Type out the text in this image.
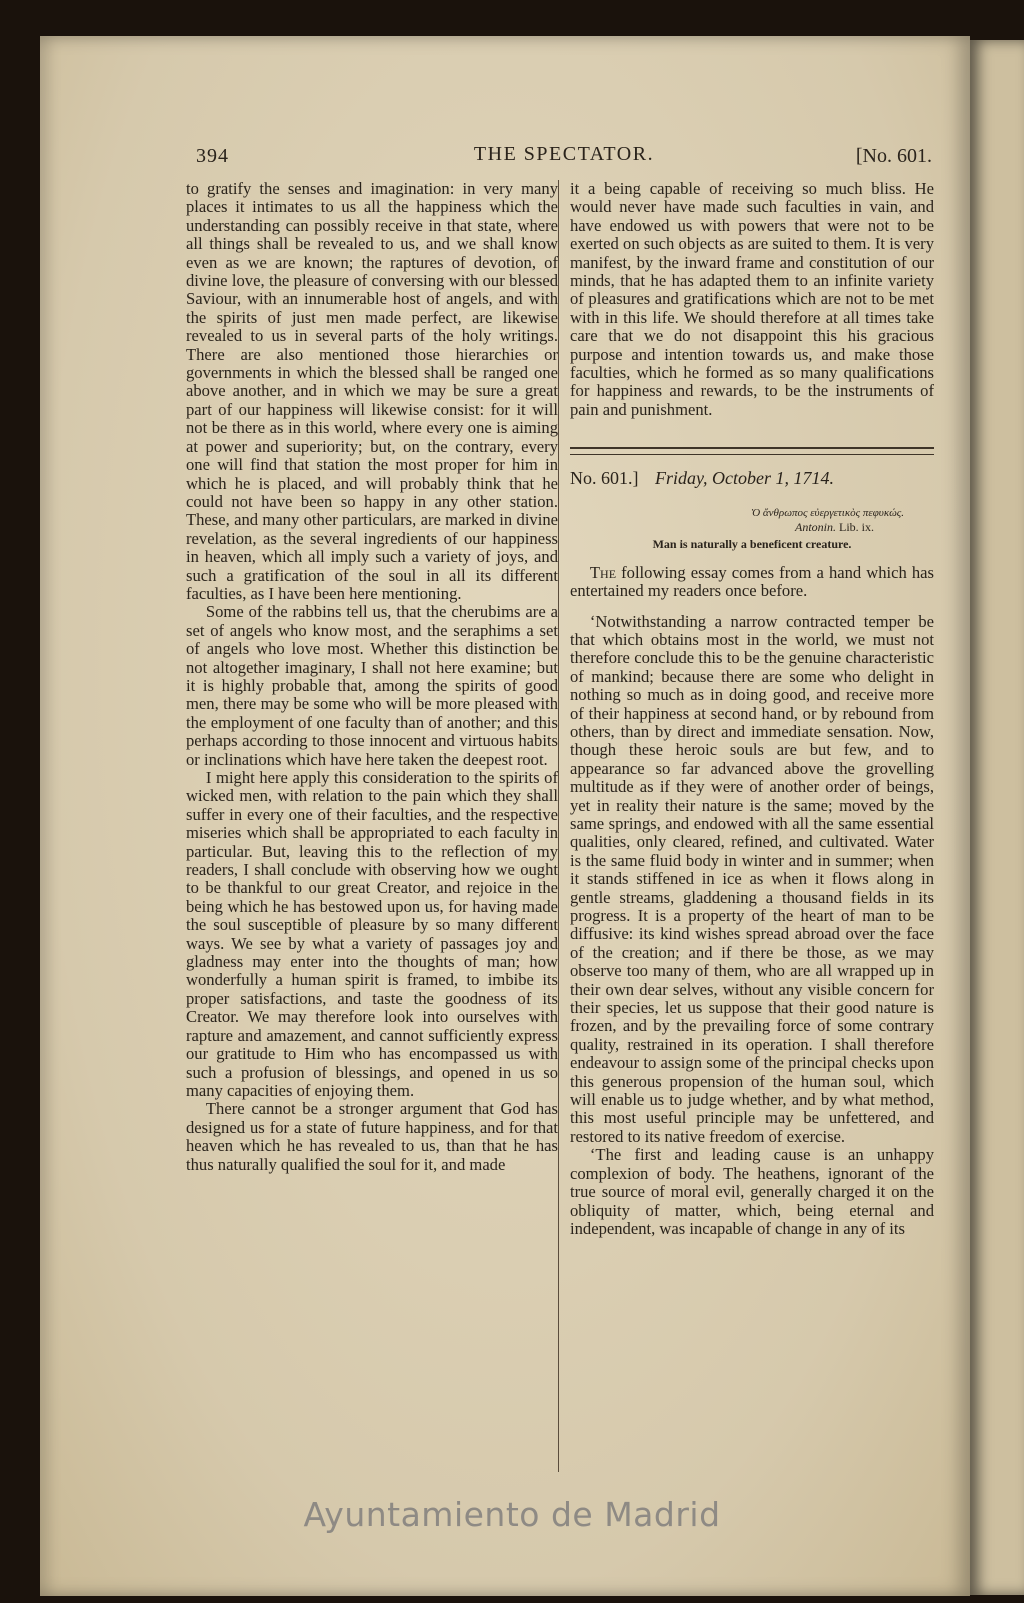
394	THE SPECTATOR.	[No. 601.

to gratify the senses and imagination: in very many places it intimates to us all the happiness which the understanding can possibly receive in that state, where all things shall be revealed to us, and we shall know even as we are known; the raptures of devotion, of divine love, the pleasure of conversing with our blessed Saviour, with an innumerable host of angels, and with the spirits of just men made perfect, are likewise revealed to us in several parts of the holy writings. There are also mentioned those hierarchies or governments in which the blessed shall be ranged one above another, and in which we may be sure a great part of our happiness will likewise consist: for it will not be there as in this world, where every one is aiming at power and superiority; but, on the contrary, every one will find that station the most proper for him in which he is placed, and will probably think that he could not have been so happy in any other station. These, and many other particulars, are marked in divine revelation, as the several ingredients of our happiness in heaven, which all imply such a variety of joys, and such a gratification of the soul in all its different faculties, as I have been here mentioning.

Some of the rabbins tell us, that the cherubims are a set of angels who know most, and the seraphims a set of angels who love most. Whether this distinction be not altogether imaginary, I shall not here examine; but it is highly probable that, among the spirits of good men, there may be some who will be more pleased with the employment of one faculty than of another; and this perhaps according to those innocent and virtuous habits or inclinations which have here taken the deepest root.

I might here apply this consideration to the spirits of wicked men, with relation to the pain which they shall suffer in every one of their faculties, and the respective miseries which shall be appropriated to each faculty in particular. But, leaving this to the reflection of my readers, I shall conclude with observing how we ought to be thankful to our great Creator, and rejoice in the being which he has bestowed upon us, for having made the soul susceptible of pleasure by so many different ways. We see by what a variety of passages joy and gladness may enter into the thoughts of man; how wonderfully a human spirit is framed, to imbibe its proper satisfactions, and taste the goodness of its Creator. We may therefore look into ourselves with rapture and amazement, and cannot sufficiently express our gratitude to Him who has encompassed us with such a profusion of blessings, and opened in us so many capacities of enjoying them.

There cannot be a stronger argument that God has designed us for a state of future happiness, and for that heaven which he has revealed to us, than that he has thus naturally qualified the soul for it, and made

it a being capable of receiving so much bliss. He would never have made such faculties in vain, and have endowed us with powers that were not to be exerted on such objects as are suited to them. It is very manifest, by the inward frame and constitution of our minds, that he has adapted them to an infinite variety of pleasures and gratifications which are not to be met with in this life. We should therefore at all times take care that we do not disappoint this his gracious purpose and intention towards us, and make those faculties, which he formed as so many qualifications for happiness and rewards, to be the instruments of pain and punishment.

No. 601.] Friday, October 1, 1714.
Ὁ ἄνθρωπος εὐεργετικὸς πεφυκώς.
Antonin. Lib. ix.
Man is naturally a beneficent creature.

The following essay comes from a hand which has entertained my readers once before.

‘Notwithstanding a narrow contracted temper be that which obtains most in the world, we must not therefore conclude this to be the genuine characteristic of mankind; because there are some who delight in nothing so much as in doing good, and receive more of their happiness at second hand, or by rebound from others, than by direct and immediate sensation. Now, though these heroic souls are but few, and to appearance so far advanced above the grovelling multitude as if they were of another order of beings, yet in reality their nature is the same; moved by the same springs, and endowed with all the same essential qualities, only cleared, refined, and cultivated. Water is the same fluid body in winter and in summer; when it stands stiffened in ice as when it flows along in gentle streams, gladdening a thousand fields in its progress. It is a property of the heart of man to be diffusive: its kind wishes spread abroad over the face of the creation; and if there be those, as we may observe too many of them, who are all wrapped up in their own dear selves, without any visible concern for their species, let us suppose that their good nature is frozen, and by the prevailing force of some contrary quality, restrained in its operation. I shall therefore endeavour to assign some of the principal checks upon this generous propension of the human soul, which will enable us to judge whether, and by what method, this most useful principle may be unfettered, and restored to its native freedom of exercise.

‘The first and leading cause is an unhappy complexion of body. The heathens, ignorant of the true source of moral evil, generally charged it on the obliquity of matter, which, being eternal and independent, was incapable of change in any of its

Ayuntamiento de Madrid
